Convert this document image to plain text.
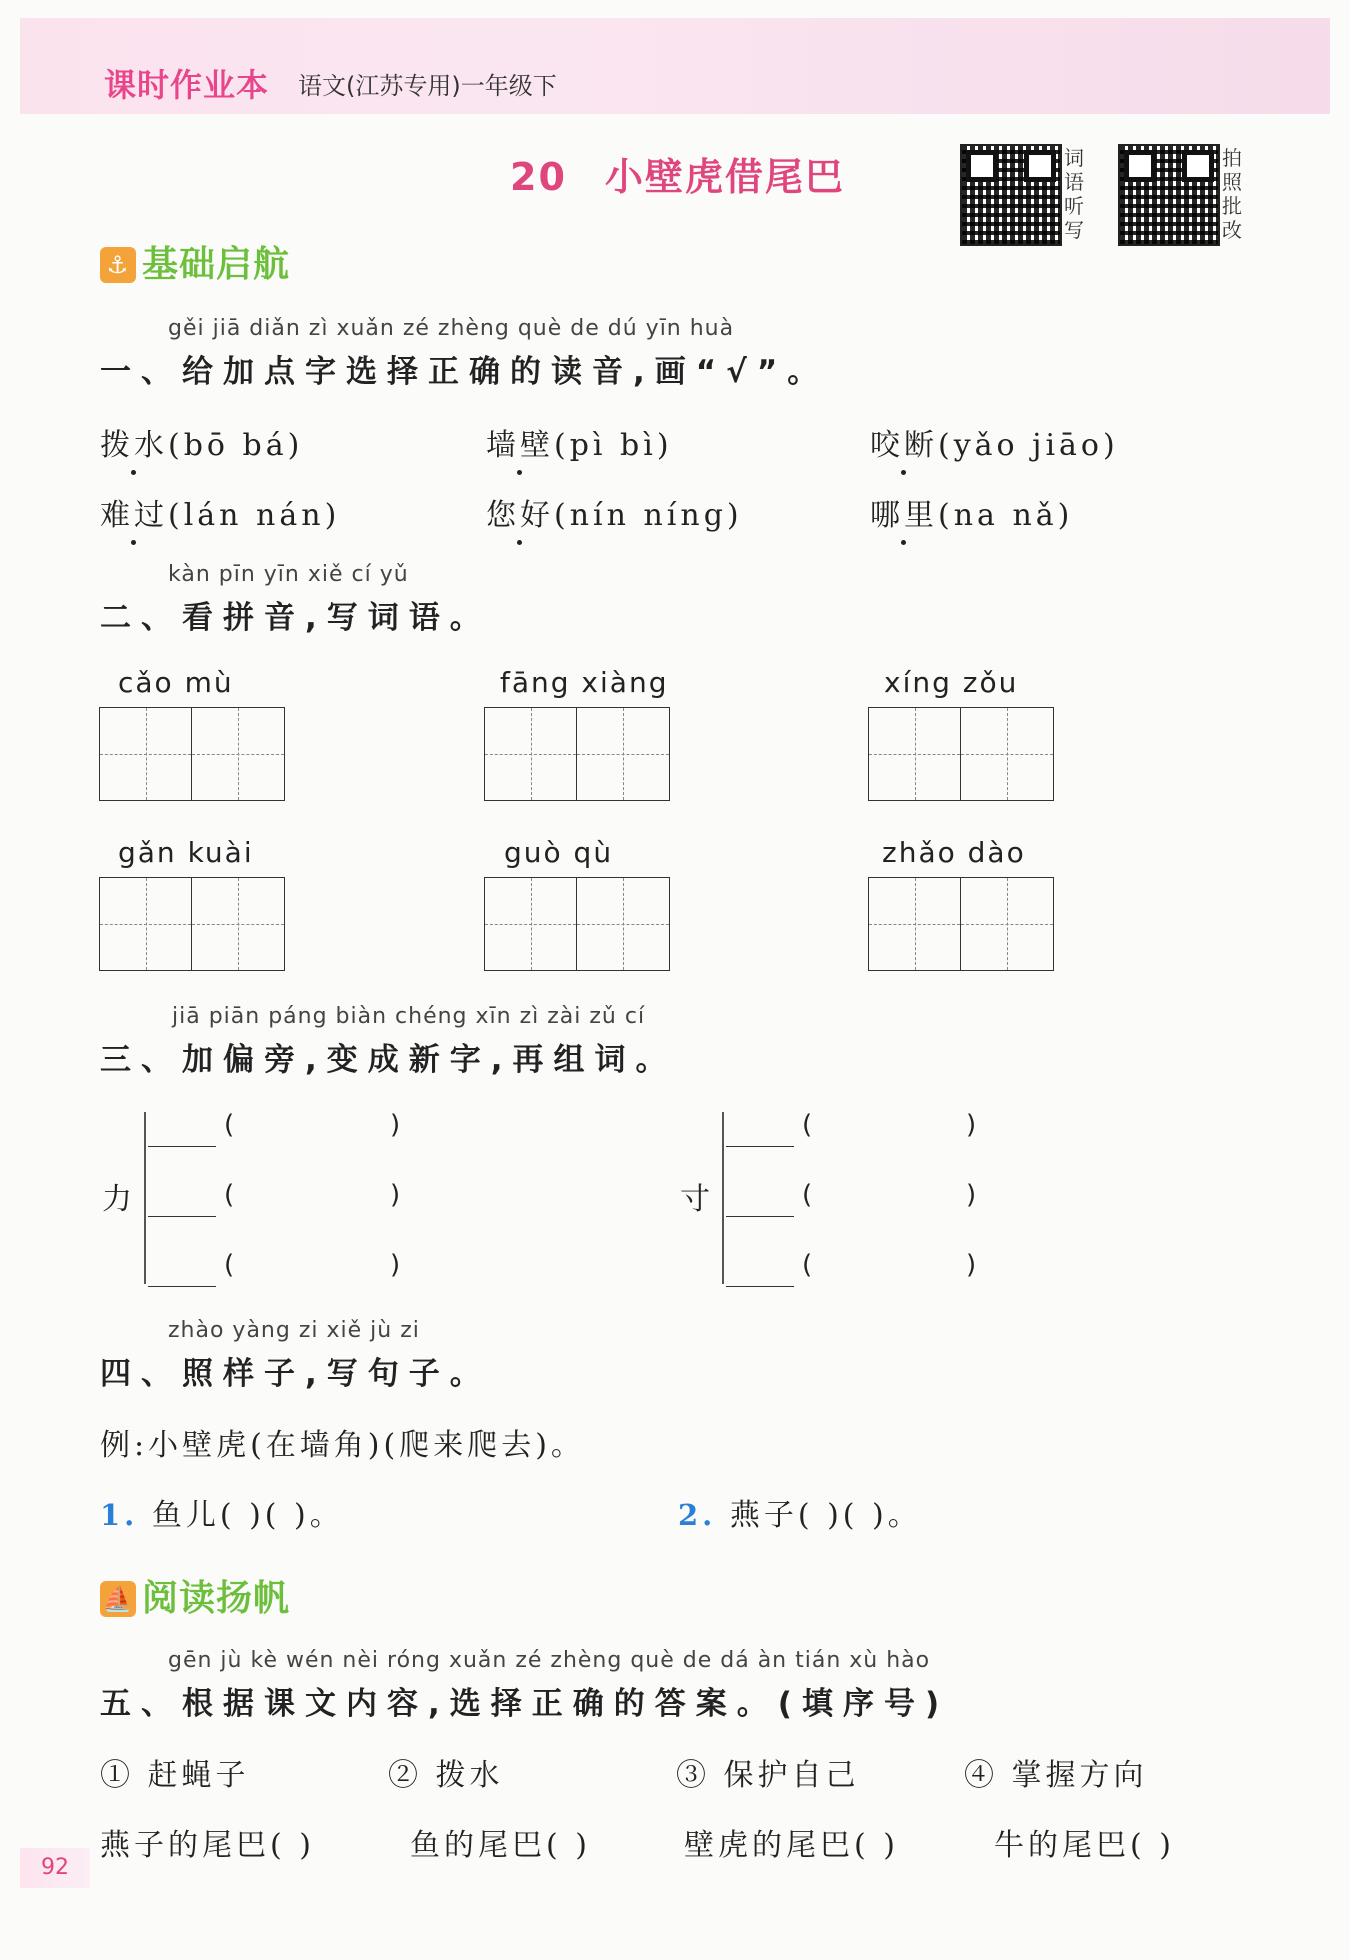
课时作业本 语文(江苏专用)一年级下
20 小壁虎借尾巴	词语听写
拍照批改
⚓ 基础启航
gěi jiā diǎn zì xuǎn zé zhèng què de dú yīn huà
一、给加点字选择正确的读音,画“√”。
拨水(bō bá)	墙壁(pì bì)	咬断(yǎo jiāo)
难过(lán nán)	您好(nín níng)	哪里(na nǎ)
kàn pīn yīn xiě cí yǔ
二、看拼音,写词语。
cǎo mù	fāng xiàng	xíng zǒu
gǎn kuài	guò qù	zhǎo dào
jiā piān páng biàn chéng xīn zì zài zǔ cí
三、加偏旁,变成新字,再组词。
力
(	)
(	)
(	)
寸
(	)
(	)
(	)
zhào yàng zi xiě jù zi
四、照样子,写句子。
例:小壁虎(在墙角)(爬来爬去)。
1. 鱼儿( )( )。	2. 燕子( )( )。
⛵ 阅读扬帆
gēn jù kè wén nèi róng xuǎn zé zhèng què de dá àn tián xù hào
五、根据课文内容,选择正确的答案。(填序号)
① 赶蝇子	② 拨水	③ 保护自己	④ 掌握方向
燕子的尾巴( )	鱼的尾巴( )	壁虎的尾巴( )	牛的尾巴( )
92
